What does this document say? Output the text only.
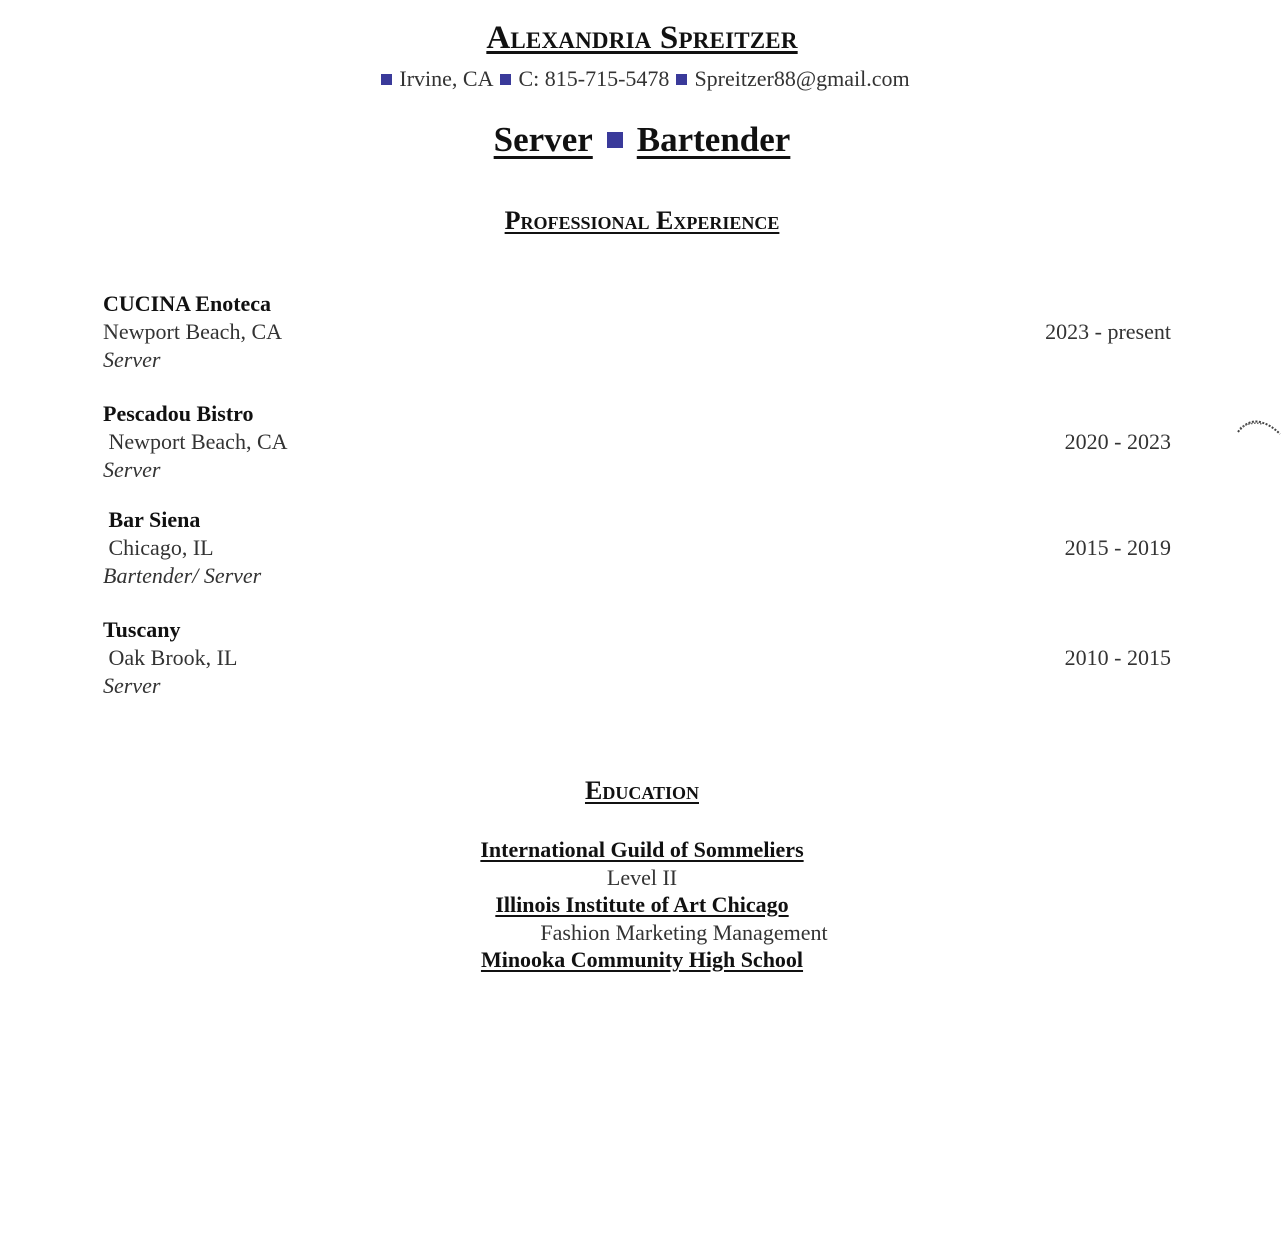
Alexandria Spreitzer
Irvine, CA C: 815-715-5478 Spreitzer88@gmail.com
Server Bartender
Professional Experience
CUCINA Enoteca
Newport Beach, CA
Server
2023 - present
Pescadou Bistro
Newport Beach, CA
Server
2020 - 2023
Bar Siena
Chicago, IL
Bartender/ Server
2015 - 2019
Tuscany
Oak Brook, IL
Server
2010 - 2015
Education
International Guild of Sommeliers
Level II
Illinois Institute of Art Chicago
Fashion Marketing Management
Minooka Community High School
